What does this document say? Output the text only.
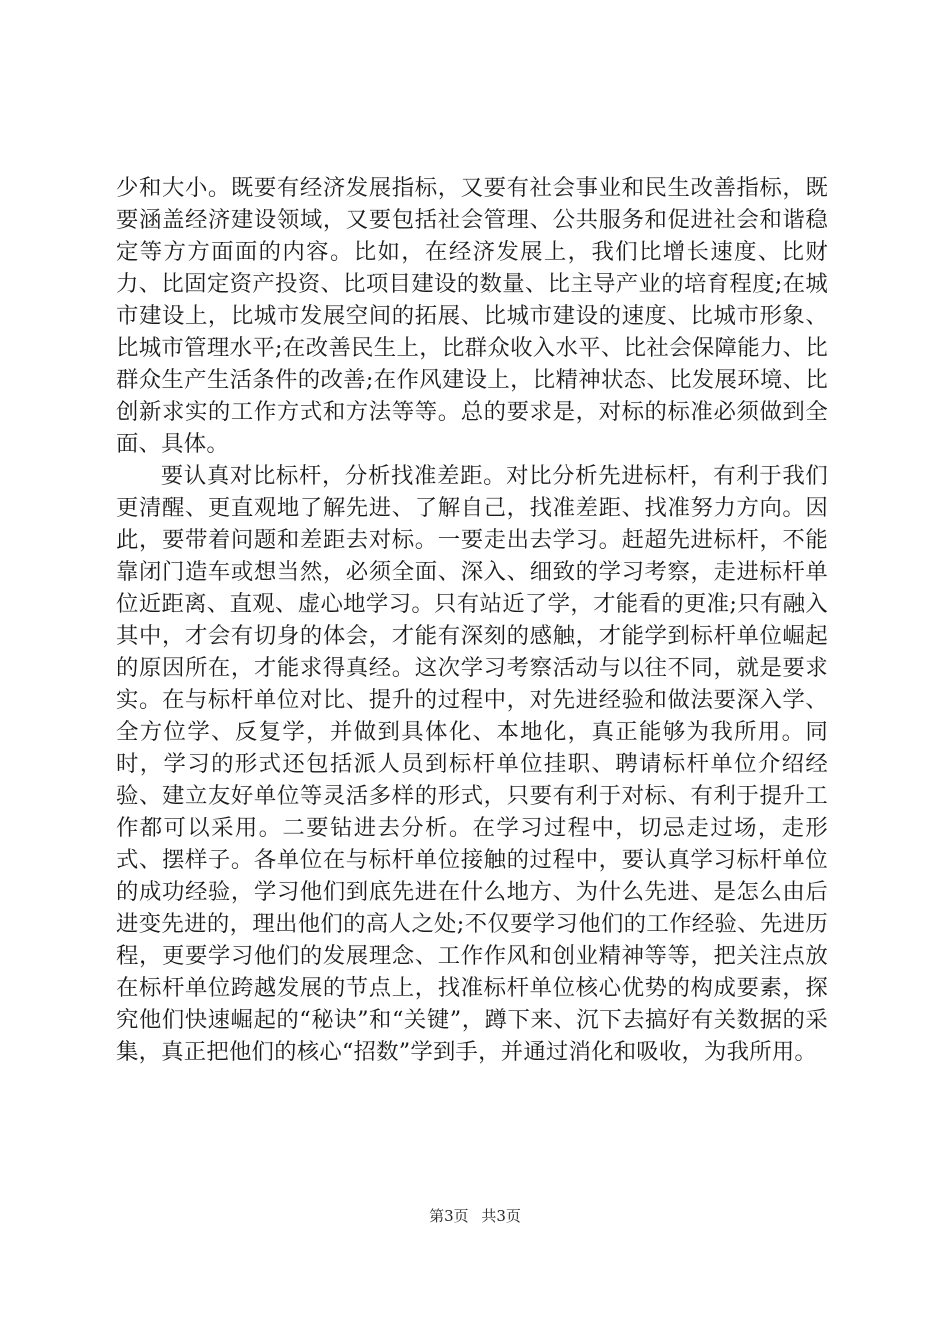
少和大小。既要有经济发展指标，又要有社会事业和民生改善指标，既要涵盖经济建设领域，又要包括社会管理、公共服务和促进社会和谐稳定等方方面面的内容。比如，在经济发展上，我们比增长速度、比财力、比固定资产投资、比项目建设的数量、比主导产业的培育程度;在城市建设上，比城市发展空间的拓展、比城市建设的速度、比城市形象、比城市管理水平;在改善民生上，比群众收入水平、比社会保障能力、比群众生产生活条件的改善;在作风建设上，比精神状态、比发展环境、比创新求实的工作方式和方法等等。总的要求是，对标的标准必须做到全面、具体。

要认真对比标杆，分析找准差距。对比分析先进标杆，有利于我们更清醒、更直观地了解先进、了解自己，找准差距、找准努力方向。因此，要带着问题和差距去对标。一要走出去学习。赶超先进标杆，不能靠闭门造车或想当然，必须全面、深入、细致的学习考察，走进标杆单位近距离、直观、虚心地学习。只有站近了学，才能看的更准;只有融入其中，才会有切身的体会，才能有深刻的感触，才能学到标杆单位崛起的原因所在，才能求得真经。这次学习考察活动与以往不同，就是要求实。在与标杆单位对比、提升的过程中，对先进经验和做法要深入学、全方位学、反复学，并做到具体化、本地化，真正能够为我所用。同时，学习的形式还包括派人员到标杆单位挂职、聘请标杆单位介绍经验、建立友好单位等灵活多样的形式，只要有利于对标、有利于提升工作都可以采用。二要钻进去分析。在学习过程中，切忌走过场，走形式、摆样子。各单位在与标杆单位接触的过程中，要认真学习标杆单位的成功经验，学习他们到底先进在什么地方、为什么先进、是怎么由后进变先进的，理出他们的高人之处;不仅要学习他们的工作经验、先进历程，更要学习他们的发展理念、工作作风和创业精神等等，把关注点放在标杆单位跨越发展的节点上，找准标杆单位核心优势的构成要素，探究他们快速崛起的“秘诀”和“关键”，蹲下来、沉下去搞好有关数据的采集，真正把他们的核心“招数”学到手，并通过消化和吸收，为我所用。

第3页 共3页
